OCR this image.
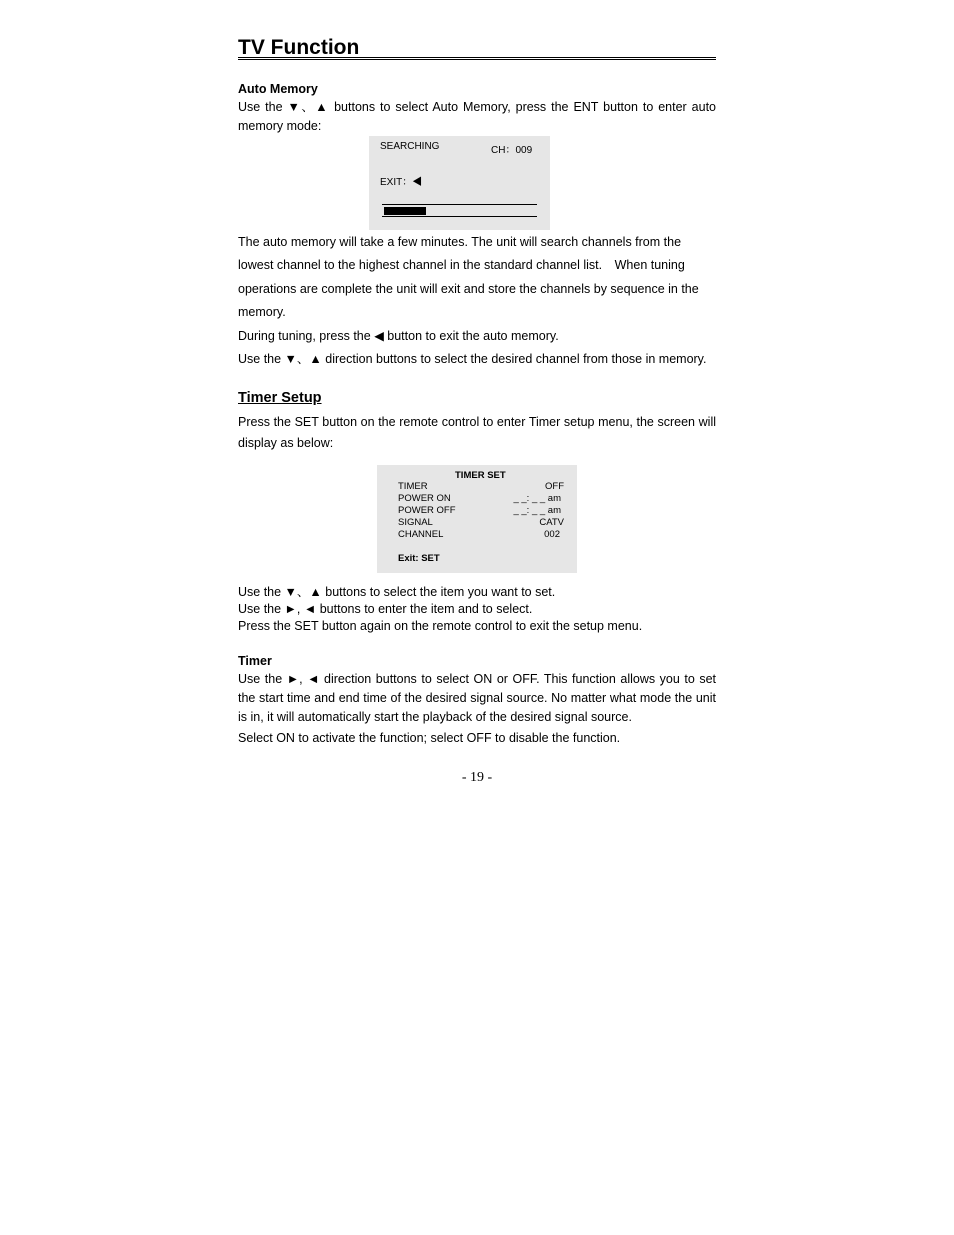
TV Function
Auto Memory
Use the ▼、▲ buttons to select Auto Memory, press the ENT button to enter auto
memory mode:
SEARCHING	CH：009
EXIT：◀
The auto memory will take a few minutes. The unit will search channels from the
lowest channel to the highest channel in the standard channel list.　When tuning
operations are complete the unit will exit and store the channels by sequence in the
memory.
During tuning, press the ◀ button to exit the auto memory.
Use the ▼、▲ direction buttons to select the desired channel from those in memory.
Timer Setup
Press the SET button on the remote control to enter Timer setup menu, the screen will
display as below:
TIMER SET
TIMER	OFF
POWER ON	_ _: _ _ am
POWER OFF	_ _: _ _ am
SIGNAL	CATV
CHANNEL	002
Exit: SET
Use the ▼、▲ buttons to select the item you want to set.
Use the ►, ◄ buttons to enter the item and to select.
Press the SET button again on the remote control to exit the setup menu.
Timer
Use the ►, ◄ direction buttons to select ON or OFF. This function allows you to set
the start time and end time of the desired signal source. No matter what mode the unit
is in, it will automatically start the playback of the desired signal source.
Select ON to activate the function; select OFF to disable the function.
- 19 -
